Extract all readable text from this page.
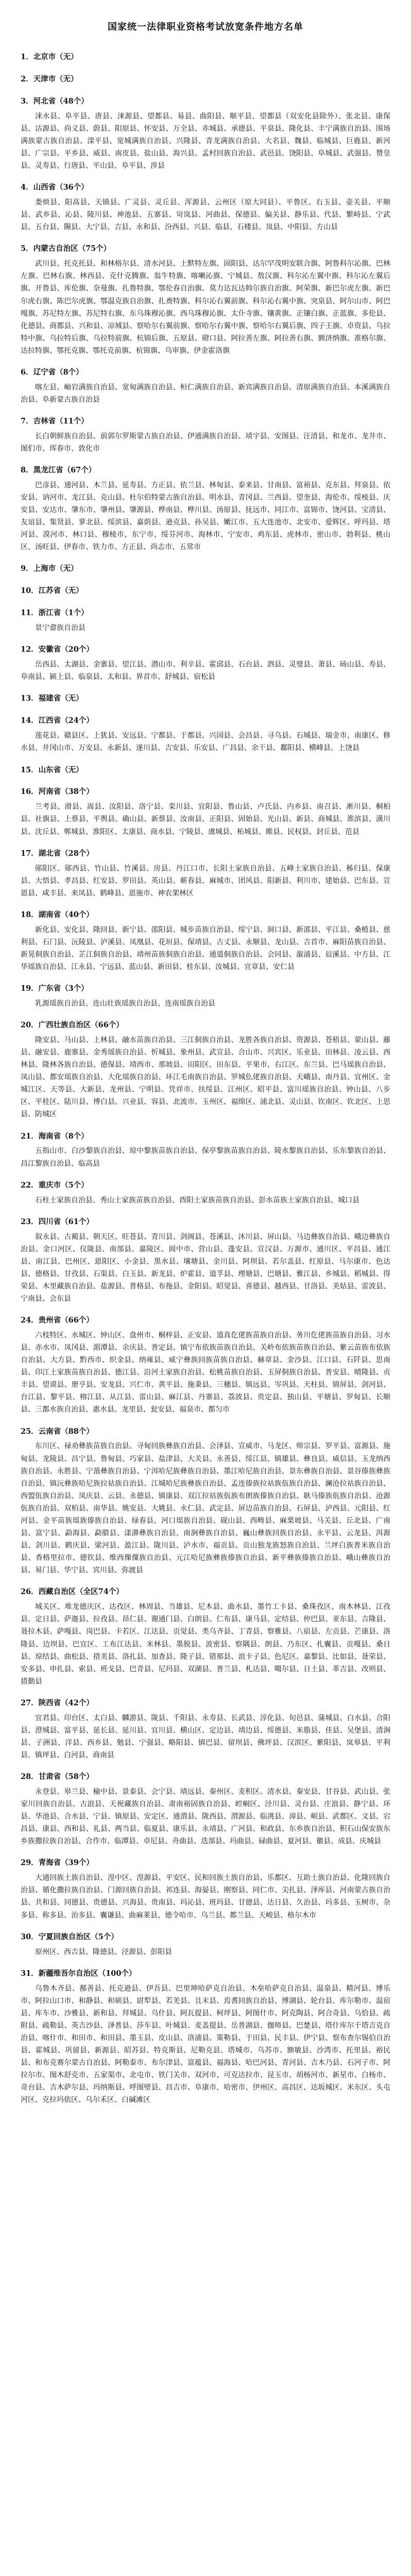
国家统一法律职业资格考试放宽条件地方名单
1．北京市（无）
2．天津市（无）
3．河北省（48个）

涞水县、阜平县、唐县、涞源县、望都县、易县、曲阳县、顺平县、望都县（双安化县除外）、张北县、康保县、沽源县、尚义县、蔚县、阳原县、怀安县、万全县、赤城县、承德县、平泉县、隆化县、丰宁满族自治县、围场满族蒙古族自治县、滦平县、宽城满族自治县、兴隆县、青龙满族自治县、大名县、魏县、临城县、巨鹿县、新河县、广宗县、平乡县、威县、南皮县、盐山县、海兴县、孟村回族自治县、武邑县、饶阳县、阜城县、武强县、赞皇县、灵寿县、行唐县、平山县、阜平县、涉县

4．山西省（36个）

娄烦县、阳高县、天镇县、广灵县、灵丘县、浑源县、云州区（原大同县）、平鲁区、右玉县、壶关县、平顺县、武乡县、沁县、陵川县、神池县、五寨县、岢岚县、河曲县、保德县、偏关县、静乐县、代县、繁峙县、宁武县、五台县、隰县、大宁县、吉县、永和县、汾西县、兴县、临县、石楼县、岚县、中阳县、方山县

5．内蒙古自治区（75个）

武川县、托克托县、和林格尔县、清水河县、土默特左旗、固阳县、达尔罕茂明安联合旗、阿鲁科尔沁旗、巴林左旗、巴林右旗、林西县、克什克腾旗、翁牛特旗、喀喇沁旗、宁城县、敖汉旗、科尔沁左翼中旗、科尔沁左翼后旗、开鲁县、库伦旗、奈曼旗、扎鲁特旗、鄂伦春自治旗、莫力达瓦达斡尔族自治旗、阿荣旗、新巴尔虎左旗、新巴尔虎右旗、陈巴尔虎旗、鄂温克族自治旗、扎赉特旗、科尔沁右翼前旗、科尔沁右翼中旗、突泉县、阿尔山市、阿巴嘎旗、苏尼特左旗、苏尼特右旗、东乌珠穆沁旗、西乌珠穆沁旗、太仆寺旗、镶黄旗、正镶白旗、正蓝旗、多伦县、化德县、商都县、兴和县、凉城县、察哈尔右翼前旗、察哈尔右翼中旗、察哈尔右翼后旗、四子王旗、卓资县、乌拉特中旗、乌拉特后旗、乌拉特前旗、杭锦后旗、五原县、磴口县、阿拉善左旗、阿拉善右旗、额济纳旗、准格尔旗、达拉特旗、鄂托克旗、鄂托克前旗、杭锦旗、乌审旗、伊金霍洛旗

6．辽宁省（8个）

喀左县、岫岩满族自治县、宽甸满族自治县、桓仁满族自治县、新宾满族自治县、清原满族自治县、本溪满族自治县、阜新蒙古族自治县

7．吉林省（11个）

长白朝鲜族自治县、前郭尔罗斯蒙古族自治县、伊通满族自治县、靖宇县、安图县、汪清县、和龙市、龙井市、图们市、珲春市、敦化市

8．黑龙江省（67个）

巴彦县、通河县、木兰县、延寿县、方正县、依兰县、林甸县、泰来县、甘南县、富裕县、克东县、拜泉县、依安县、讷河市、龙江县、克山县、杜尔伯特蒙古族自治县、明水县、青冈县、兰西县、望奎县、海伦市、绥棱县、庆安县、安达市、肇东市、肇州县、肇源县、桦南县、桦川县、汤原县、抚远市、同江市、富锦市、饶河县、宝清县、友谊县、集贤县、萝北县、绥滨县、嘉荫县、逊克县、孙吴县、嫩江市、五大连池市、北安市、爱辉区、呼玛县、塔河县、漠河市、林口县、穆棱市、东宁市、绥芬河市、海林市、宁安市、鸡东县、虎林市、密山市、勃利县、桃山区、汤旺县、伊春市、铁力市、方正县、尚志市、五常市

9．上海市（无）
10．江苏省（无）
11．浙江省（1个）

景宁畲族自治县

12．安徽省（20个）

岳西县、太湖县、金寨县、望江县、潜山市、利辛县、霍邱县、石台县、泗县、灵璧县、萧县、砀山县、寿县、阜南县、颍上县、临泉县、太和县、界首市、舒城县、宿松县

13．福建省（无）
14．江西省（24个）

莲花县、赣县区、上犹县、安远县、宁都县、于都县、兴国县、会昌县、寻乌县、石城县、瑞金市、南康区、修水县、井冈山市、万安县、永新县、遂川县、吉安县、乐安县、广昌县、余干县、鄱阳县、横峰县、上饶县

15．山东省（无）
16．河南省（38个）

兰考县、滑县、嵩县、汝阳县、洛宁县、栾川县、宜阳县、鲁山县、卢氏县、内乡县、南召县、淅川县、桐柏县、社旗县、上蔡县、平舆县、确山县、新蔡县、汝南县、正阳县、固始县、光山县、新县、商城县、淮滨县、潢川县、沈丘县、郸城县、淮阳区、太康县、商水县、宁陵县、虞城县、柘城县、睢县、民权县、封丘县、范县

17．湖北省（28个）

郧阳区、郧西县、竹山县、竹溪县、房县、丹江口市、长阳土家族自治县、五峰土家族自治县、秭归县、保康县、大悟县、孝昌县、红安县、罗田县、英山县、蕲春县、麻城市、团风县、阳新县、利川市、建始县、巴东县、宣恩县、咸丰县、来凤县、鹤峰县、恩施市、神农架林区

18．湖南省（40个）

新化县、安化县、隆回县、新宁县、邵阳县、城步苗族自治县、绥宁县、洞口县、新邵县、平江县、桑植县、慈利县、石门县、沅陵县、泸溪县、凤凰县、花垣县、保靖县、古丈县、永顺县、龙山县、吉首市、麻阳苗族自治县、新晃侗族自治县、芷江侗族自治县、靖州苗族侗族自治县、通道侗族自治县、会同县、溆浦县、辰溪县、中方县、江华瑶族自治县、江永县、宁远县、蓝山县、新田县、桂东县、汝城县、宜章县、安仁县

19．广东省（3个）

乳源瑶族自治县、连山壮族瑶族自治县、连南瑶族自治县

20．广西壮族自治区（66个）

隆安县、马山县、上林县、融水苗族自治县、三江侗族自治县、龙胜各族自治县、资源县、苍梧县、蒙山县、藤县、融安县、鹿寨县、金秀瑶族自治县、忻城县、象州县、武宣县、合山市、兴宾区、乐业县、田林县、凌云县、西林县、隆林各族自治县、德保县、靖西市、那坡县、田阳区、田东县、平果市、右江区、东兰县、巴马瑶族自治县、凤山县、都安瑶族自治县、大化瑶族自治县、环江毛南族自治县、罗城仫佬族自治县、天峨县、南丹县、宜州区、金城江区、天等县、大新县、龙州县、宁明县、凭祥市、扶绥县、江州区、昭平县、富川瑶族自治县、钟山县、八步区、平桂区、陆川县、博白县、兴业县、容县、北流市、玉州区、福绵区、浦北县、灵山县、钦南区、钦北区、上思县、防城区

21．海南省（8个）

五指山市、白沙黎族自治县、琼中黎族苗族自治县、保亭黎族苗族自治县、陵水黎族自治县、乐东黎族自治县、昌江黎族自治县、临高县

22．重庆市（5个）

石柱土家族自治县、秀山土家族苗族自治县、酉阳土家族苗族自治县、彭水苗族土家族自治县、城口县

23．四川省（61个）

叙永县、古蔺县、朝天区、旺苍县、青川县、剑阁县、苍溪县、沐川县、屏山县、马边彝族自治县、峨边彝族自治县、金口河区、仪陇县、南部县、嘉陵区、阆中市、营山县、蓬安县、宣汉县、万源市、通川区、平昌县、通江县、南江县、巴州区、恩阳区、小金县、黑水县、壤塘县、金川县、阿坝县、若尔盖县、红原县、马尔康市、色达县、德格县、甘孜县、石渠县、白玉县、新龙县、炉霍县、道孚县、理塘县、巴塘县、雅江县、乡城县、稻城县、得荣县、木里藏族自治县、盐源县、普格县、布拖县、金阳县、昭觉县、喜德县、越西县、甘洛县、美姑县、雷波县、宁南县、会东县

24．贵州省（66个）

六枝特区、水城区、钟山区、盘州市、桐梓县、正安县、道真仡佬族苗族自治县、务川仡佬族苗族自治县、习水县、赤水市、凤冈县、湄潭县、余庆县、普定县、镇宁布依族苗族自治县、关岭布依族苗族自治县、紫云苗族布依族自治县、大方县、黔西市、织金县、纳雍县、威宁彝族回族苗族自治县、赫章县、金沙县、江口县、石阡县、思南县、印江土家族苗族自治县、德江县、沿河土家族自治县、松桃苗族自治县、玉屏侗族自治县、普安县、晴隆县、贞丰县、望谟县、册亨县、安龙县、兴仁市、黄平县、施秉县、三穗县、镇远县、岑巩县、天柱县、锦屏县、剑河县、台江县、黎平县、榕江县、从江县、雷山县、麻江县、丹寨县、荔波县、贵定县、独山县、平塘县、罗甸县、长顺县、三都水族自治县、惠水县、龙里县、瓮安县、福泉市、都匀市

25．云南省（88个）

东川区、禄劝彝族苗族自治县、寻甸回族彝族自治县、会泽县、宣威市、马龙区、师宗县、罗平县、富源县、施甸县、龙陵县、昌宁县、鲁甸县、巧家县、盐津县、大关县、永善县、绥江县、镇雄县、彝良县、威信县、玉龙纳西族自治县、永胜县、宁蒗彝族自治县、宁洱哈尼族彝族自治县、墨江哈尼族自治县、景东彝族自治县、景谷傣族彝族自治县、镇沅彝族哈尼族拉祜族自治县、江城哈尼族彝族自治县、孟连傣族拉祜族佤族自治县、澜沧拉祜族自治县、西盟佤族自治县、凤庆县、云县、永德县、镇康县、双江拉祜族佤族布朗族傣族自治县、耿马傣族佤族自治县、沧源佤族自治县、双柏县、南华县、姚安县、大姚县、永仁县、武定县、屏边苗族自治县、石屏县、泸西县、元阳县、红河县、金平苗族瑶族傣族自治县、绿春县、河口瑶族自治县、砚山县、西畴县、麻栗坡县、马关县、丘北县、广南县、富宁县、勐海县、勐腊县、漾濞彝族自治县、南涧彝族自治县、巍山彝族回族自治县、永平县、云龙县、洱源县、剑川县、鹤庆县、梁河县、盈江县、陇川县、泸水市、福贡县、贡山独龙族怒族自治县、兰坪白族普米族自治县、香格里拉市、德钦县、维西傈僳族自治县、元江哈尼族彝族傣族自治县、新平彝族傣族自治县、峨山彝族自治县、易门县、华宁县、宾川县、弥渡县

26．西藏自治区（全区74个）

城关区、堆龙德庆区、达孜区、林周县、当雄县、尼木县、曲水县、墨竹工卡县、桑珠孜区、南木林县、江孜县、定日县、萨迦县、拉孜县、昂仁县、谢通门县、白朗县、仁布县、康马县、定结县、仲巴县、亚东县、吉隆县、聂拉木县、萨嘎县、岗巴县、卡若区、江达县、贡觉县、类乌齐县、丁青县、察雅县、八宿县、左贡县、芒康县、洛隆县、边坝县、巴宜区、工布江达县、米林县、墨脱县、波密县、察隅县、朗县、乃东区、扎囊县、贡嘎县、桑日县、琼结县、曲松县、措美县、洛扎县、加查县、隆子县、错那县、浪卡子县、色尼区、嘉黎县、比如县、聂荣县、安多县、申扎县、索县、班戈县、巴青县、尼玛县、双湖县、普兰县、札达县、噶尔县、日土县、革吉县、改则县、措勤县

27．陕西省（42个）

宜君县、印台区、太白县、麟游县、陇县、千阳县、永寿县、长武县、淳化县、旬邑县、蒲城县、白水县、合阳县、澄城县、富平县、延长县、延川县、宜川县、横山区、定边县、靖边县、绥德县、米脂县、佳县、吴堡县、清涧县、子洲县、洋县、西乡县、勉县、宁强县、略阳县、镇巴县、留坝县、佛坪县、汉滨区、紫阳县、岚皋县、平利县、镇坪县、白河县、商南县

28．甘肃省（58个）

永登县、皋兰县、榆中县、景泰县、会宁县、靖远县、秦州区、麦积区、清水县、秦安县、甘谷县、武山县、张家川回族自治县、古浪县、天祝藏族自治县、肃南裕固族自治县、崆峒区、泾川县、灵台县、庄浪县、静宁县、环县、华池县、合水县、宁县、镇原县、安定区、通渭县、陇西县、渭源县、临洮县、漳县、岷县、武都区、文县、宕昌县、康县、西和县、礼县、两当县、临夏县、康乐县、永靖县、广河县、和政县、东乡族自治县、积石山保安族东乡族撒拉族自治县、合作市、临潭县、卓尼县、舟曲县、迭部县、玛曲县、碌曲县、夏河县、徽县、成县、庆城县

29．青海省（39个）

大通回族土族自治县、湟中区、湟源县、平安区、民和回族土族自治县、乐都区、互助土族自治县、化隆回族自治县、循化撒拉族自治县、门源回族自治县、祁连县、海晏县、刚察县、同仁市、尖扎县、泽库县、河南蒙古族自治县、共和县、同德县、贵德县、兴海县、贵南县、玛沁县、班玛县、甘德县、达日县、久治县、玛多县、玉树市、杂多县、称多县、治多县、囊谦县、曲麻莱县、德令哈市、乌兰县、都兰县、天峻县、格尔木市

30．宁夏回族自治区（5个）

原州区、西吉县、隆德县、泾源县、彭阳县

31．新疆维吾尔自治区（100个）

乌鲁木齐县、鄯善县、托克逊县、伊吾县、巴里坤哈萨克自治县、木垒哈萨克自治县、温泉县、精河县、博乐市、阿拉山口市、和静县、和硕县、尉犁县、若羌县、且末县、焉耆回族自治县、博湖县、轮台县、库尔勒市、温宿县、库车市、沙雅县、新和县、拜城县、乌什县、阿瓦提县、柯坪县、阿图什市、阿克陶县、阿合奇县、乌恰县、疏附县、疏勒县、英吉沙县、泽普县、莎车县、叶城县、麦盖提县、岳普湖县、伽师县、巴楚县、塔什库尔干塔吉克自治县、喀什市、和田市、和田县、墨玉县、皮山县、洛浦县、策勒县、于田县、民丰县、伊宁县、察布查尔锡伯自治县、霍城县、巩留县、新源县、昭苏县、特克斯县、尼勒克县、塔城市、乌苏市、额敏县、沙湾市、托里县、裕民县、和布克赛尔蒙古自治县、阿勒泰市、布尔津县、富蕴县、福海县、哈巴河县、青河县、吉木乃县、石河子市、阿拉尔市、图木舒克市、五家渠市、北屯市、铁门关市、双河市、可克达拉市、昆玉市、胡杨河市、新星市、白杨市、奇台县、吉木萨尔县、玛纳斯县、呼图壁县、昌吉市、阜康市、哈密市、伊州区、高昌区、达坂城区、米东区、头屯河区、克拉玛依区、乌尔禾区、白碱滩区
